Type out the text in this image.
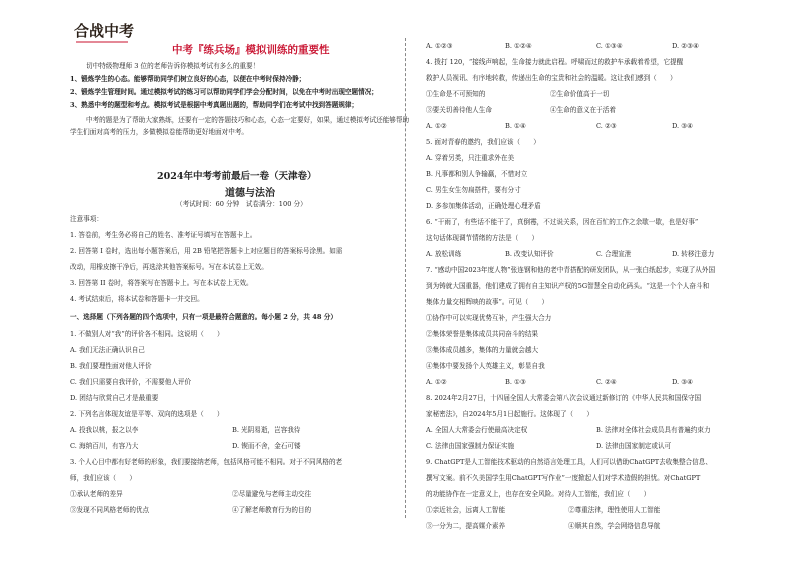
合战中考
中考『练兵场』模拟训练的重要性
切中特级物理师 3 位的老师告诉你模拟考试有多么的重要！
1、锻炼学生的心态。能够帮助同学们树立良好的心态，以便在中考时保持冷静；
2、锻炼学生管理时间。通过模拟考试的练习可以帮助同学们学会分配时间，以免在中考时出现空题情况；
3、熟悉中考的题型和考点。模拟考试是根据中考真题出题的，帮助同学们在考试中找到答题规律；
中考的题是为了帮助大家熟练，还要有一定的答题技巧和心态，心态一定要好，如果，通过模拟考试还能够帮助
学生们面对高考的压力，多做模拟卷能帮助更好地面对中考。
2024年中考考前最后一卷（天津卷）
道德与法治
（考试时间：60 分钟　试卷满分：100 分）
注意事项：
1. 答卷前，考生务必将自己的姓名、准考证号填写在答题卡上。
2. 回答第 I 卷时，选出每小题答案后，用 2B 铅笔把答题卡上对应题目的答案标号涂黑。如需
改动，用橡皮擦干净后，再选涂其他答案标号。写在本试卷上无效。
3. 回答第 II 卷时，将答案写在答题卡上。写在本试卷上无效。
4. 考试结束后，将本试卷和答题卡一并交回。
一、选择题（下列各题的四个选项中，只有一项是最符合题意的。每小题 2 分，共 48 分）
1. 不做别人对“我”的评价各不相同。这说明（　　）
A. 我们无法正确认识自己
B. 我们要理性面对他人评价
C. 我们只需要自我评价，不需要他人评价
D. 团结与欣赏自己才是最重要
2. 下列名言体现友谊是平等、双向的选项是（　　）
A. 投我以桃，报之以李	B. 光阴易逝，岂容我待
C. 海纳百川，有容乃大	D. 锲而不舍，金石可镂
3. 个人心目中都有好老师的形象，我们要接纳老师，包括风格可能不相同。对于不同风格的老
师，我们应该（　　）
①承认老师的差异	②尽量避免与老师主动交往
③发现不同风格老师的优点	④了解老师教育行为的目的
A. ①②③	B. ①②④	C. ①③④	D. ②③④
4. 拨打 120，“接线声响起，生命接力就此启程。呼啸而过的救护车承载着希望，它提醒
救护人员视讯、有序地转救，传递出生命的宝贵和社会的温暖。这让我们感到（　　）
①生命是不可预知的	②生命价值高于一切
③要关切善待他人生命	④生命的意义在于活着
A. ①②	B. ①④	C. ②③	D. ③④
5. 面对青春的邀约，我们应该（　　）
A. 穿着另类，只注重求外在美
B. 凡事都和别人争输赢，不惜对立
C. 男生女生勿扁搭件，要有分寸
D. 多参加集体活动，正确处理心理矛盾
6. “干雨了，有些话不能干了，真倒霉，不过说关系，因在百忙的工作之余歇一歇，也是好事”
这句话体现调节情绪的方法是（　　）
A. 放松训练	B. 改变认知评价	C. 合理宣泄	D. 转移注意力
7. “感动中国2023年度人物”张连钢和他的老中青搭配的研发团队，从一张白纸起步，实现了从外国
到为铸就大国重器，他们建成了拥有自主知识产权的5G智慧全自动化码头。“这是一个个人奋斗和
集体力量交相辉映的故事”。可见（　　）
①协作中可以实现优势互补，产生强大合力
②集体荣誉是集体成员共同奋斗的结果
③集体成员越多，集体的力量就会越大
④集体中要发扬个人英雄主义，彰显自我
A. ①②	B. ①③	C. ②④	D. ③④
8. 2024年2月27日，十四届全国人大常委会第八次会议通过新修订的《中华人民共和国保守国
家秘密法》，自2024年5月1日起施行。这体现了（　　）
A. 全国人大常委会行使最高决定权	B. 法律对全体社会成员具有普遍约束力
C. 法律由国家强制力保证实施	D. 法律由国家制定或认可
9. ChatGPT是人工智能技术驱动的自然语言处理工具，人们可以借助ChatGPT去收集整合信息、
撰写文案。前不久美国学生用ChatGPT写作业”一度掀起人们对学术造假的担忧。对ChatGPT
的功能协作在一定意义上，也存在安全风险。对待人工智能，我们应（　　）
①亲近社会，远离人工智能	②尊重法律，理性使用人工智能
③一分为二，提高媒介素养	④顺其自然，学会网络信息导航
